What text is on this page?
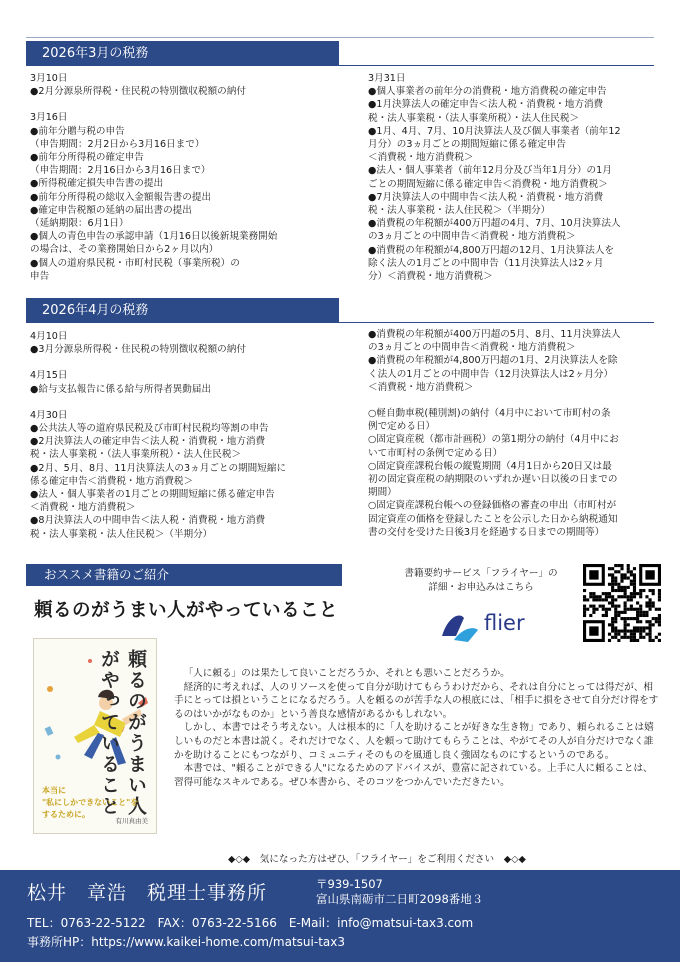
2026年3月の税務
3月10日
●2月分源泉所得税・住民税の特別徴収税額の納付
3月16日
●前年分贈与税の申告
（申告期間：2月2日から3月16日まで）
●前年分所得税の確定申告
（申告期間：2月16日から3月16日まで）
●所得税確定損失申告書の提出
●前年分所得税の総収入金額報告書の提出
●確定申告税額の延納の届出書の提出
（延納期限：6月1日）
●個人の青色申告の承認申請（1月16日以後新規業務開始
の場合は、その業務開始日から2ヶ月以内）
●個人の道府県民税・市町村民税（事業所税）の
申告
3月31日
●個人事業者の前年分の消費税・地方消費税の確定申告
●1月決算法人の確定申告＜法人税・消費税・地方消費
税・法人事業税・（法人事業所税）・法人住民税＞
●1月、4月、7月、10月決算法人及び個人事業者（前年12
月分）の3ヵ月ごとの期間短縮に係る確定申告
＜消費税・地方消費税＞
●法人・個人事業者（前年12月分及び当年1月分）の1月
ごとの期間短縮に係る確定申告＜消費税・地方消費税＞
●7月決算法人の中間申告＜法人税・消費税・地方消費
税・法人事業税・法人住民税＞（半期分）
●消費税の年税額が400万円超の4月、7月、10月決算法人
の3ヵ月ごとの中間申告＜消費税・地方消費税＞
●消費税の年税額が4,800万円超の12月、1月決算法人を
除く法人の1月ごとの中間申告（11月決算法人は2ヶ月
分）＜消費税・地方消費税＞
2026年4月の税務
4月10日
●3月分源泉所得税・住民税の特別徴収税額の納付
4月15日
●給与支払報告に係る給与所得者異動届出
4月30日
●公共法人等の道府県民税及び市町村民税均等割の申告
●2月決算法人の確定申告＜法人税・消費税・地方消費
税・法人事業税・（法人事業所税）・法人住民税＞
●2月、5月、8月、11月決算法人の3ヵ月ごとの期間短縮に
係る確定申告＜消費税・地方消費税＞
●法人・個人事業者の1月ごとの期間短縮に係る確定申告
＜消費税・地方消費税＞
●8月決算法人の中間申告＜法人税・消費税・地方消費
税・法人事業税・法人住民税＞（半期分）
●消費税の年税額が400万円超の5月、8月、11月決算法人
の3ヵ月ごとの中間申告＜消費税・地方消費税＞
●消費税の年税額が4,800万円超の1月、2月決算法人を除
く法人の1月ごとの中間申告（12月決算法人は2ヶ月分）
＜消費税・地方消費税＞
○軽自動車税(種別割)の納付（4月中において市町村の条
例で定める日）
○固定資産税（都市計画税）の第1期分の納付（4月中にお
いて市町村の条例で定める日）
○固定資産課税台帳の縦覧期間（4月1日から20日又は最
初の固定資産税の納期限のいずれか遅い日以後の日までの
期間）
○固定資産課税台帳への登録価格の審査の申出（市町村が
固定資産の価格を登録したことを公示した日から納税通知
書の交付を受けた日後3月を経過する日までの期間等）
おススメ書籍のご紹介
頼るのがうまい人がやっていること
書籍要約サービス「フライヤー」の
詳細・お申込みはこちら
flier
頼るのがうまい人がやっていること
本当に
"私にしかできないこと"を
するために。
有川真由美

「人に頼る」のは果たして良いことだろうか、それとも悪いことだろうか。

経済的に考えれば、人のリソースを使って自分が助けてもらうわけだから、それは自分にとっては得だが、相手にとっては損ということになるだろう。人を頼るのが苦手な人の根底には、「相手に損をさせて自分だけ得をするのはいかがなものか」という善良な感情があるかもしれない。

しかし、本書ではそう考えない。人は根本的に「人を助けることが好きな生き物」であり、頼られることは嬉しいものだと本書は説く。それだけでなく、人を頼って助けてもらうことは、やがてその人が自分だけでなく誰かを助けることにもつながり、コミュニティそのものを風通し良く強固なものにするというのである。

本書では、"頼ることができる人"になるためのアドバイスが、豊富に記されている。上手に人に頼ることは、習得可能なスキルである。ぜひ本書から、そのコツをつかんでいただきたい。

◆◇◆　気になった方はぜひ、「フライヤー」をご利用ください　◆◇◆
松井　章浩　税理士事務所	〒939-1507
富山県南砺市二日町2098番地３
TEL：0763-22-5122　FAX：0763-22-5166　E-Mail：info@matsui-tax3.com
事務所HP：https://www.kaikei-home.com/matsui-tax3
